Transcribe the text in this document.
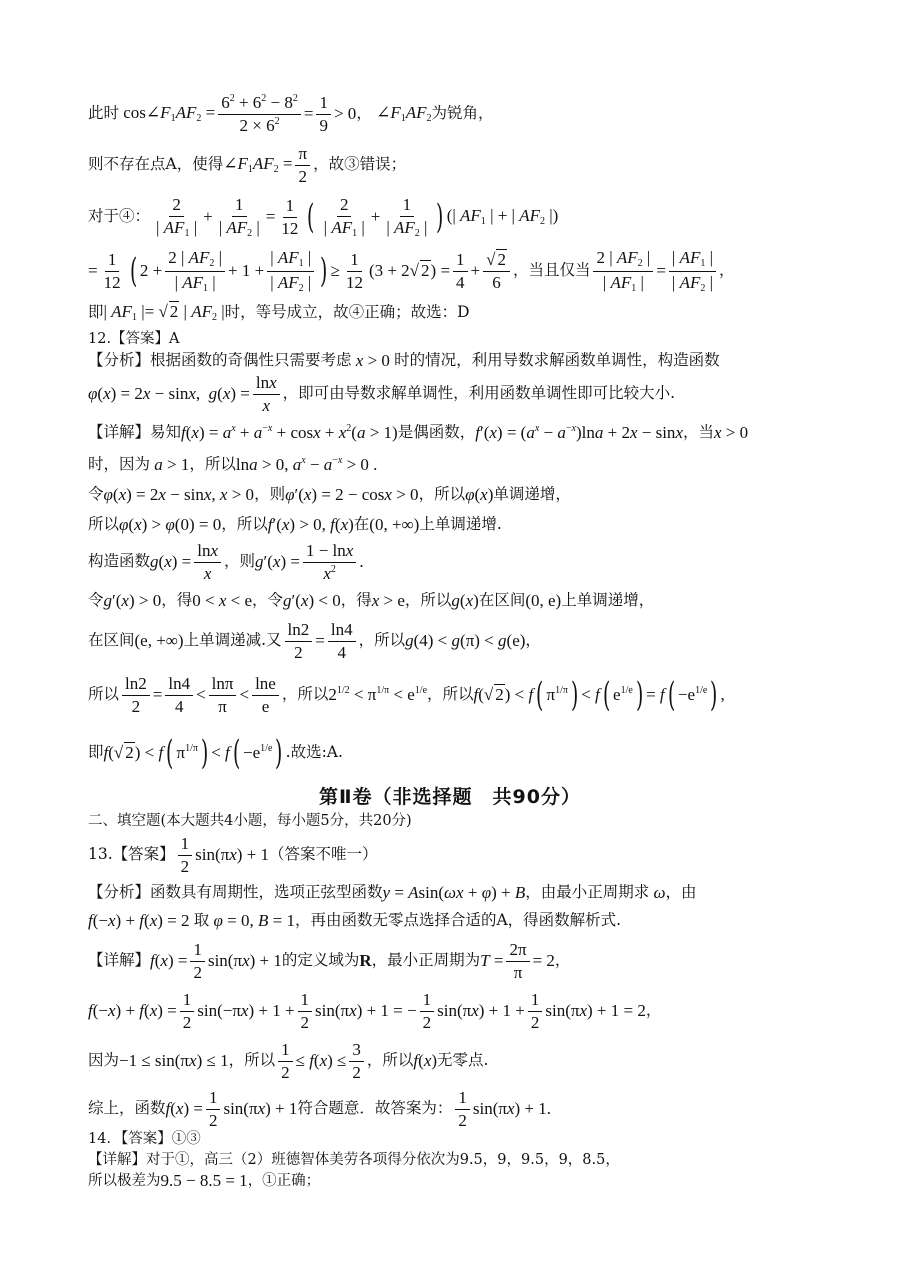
此时 $\cos\angle F_1AF_2 = \frac{6^2 + 6^2 - 8^2}{2 \times 6^2} = \frac{1}{9} > 0$ ， $\angle F_1AF_2$ 为锐角，
则不存在点A，使得 $\angle F_1AF_2 = \frac{\pi}{2}$ ，故③错误；
对于④： $\frac{2}{| AF_1 |} + \frac{1}{| AF_2 |} = \frac{1}{12}$ ( $\frac{2}{| AF_1 |} + \frac{1}{| AF_2 |}$ ) (| $AF_1$ | + | $AF_2$ |)
= $\frac{1}{12}$ ( $2 + \frac{2 | AF_2 |}{| AF_1 |} + 1 + \frac{| AF_1 |}{| AF_2 |}$ ) ≥ $\frac{1}{12} (3 + 2√$ $2) = \frac{1}{4} + \frac{√ 2}{6}$ ，当且仅当 $\frac{2 | AF_2 |}{| AF_1 |} = \frac{| AF_1 |}{| AF_2 |}$ ，
即 | $AF_1$ |= √ 2 | $AF_2$ | 时，等号成立，故④正确；故选：D
12.【答案】A
【分析】根据函数的奇偶性只需要考虑 x > 0 时的情况，利用导数求解函数单调性，构造函数
φ(x) = 2x − sinx,  $g(x) = \frac{\ln x}{x}$ ，即可由导数求解单调性，利用函数单调性即可比较大小.
【详解】易知 $f(x) = a^x + a^{-x} + \cos x + x^2(a > 1)$ 是偶函数， $f'(x) = (a^x - a^{-x})\ln a + 2x - \sin x$ ，当 x > 0
时，因为 a > 1 ，所以 lna > 0, $a^x - a^{-x} > 0$ .
令 φ(x) = 2x − sinx, x > 0 ，则 φ′(x) = 2 − cosx > 0 ，所以 φ(x) 单调递增，
所以 φ(x) > φ(0) = 0 ，所以 f′(x) > 0, f(x) 在 (0, +∞) 上单调递增.
构造函数 $g(x) = \frac{\ln x}{x}$ ，则 $g'(x) = \frac{1 - \ln x}{x^2}$ .
令 g′(x) > 0 ，得 0 < x < e ，令 g′(x) < 0 ，得 x > e ，所以 g(x) 在区间 (0, e) 上单调递增，
在区间 (e, +∞) 上单调递减.又 $\frac{\ln 2}{2} = \frac{\ln 4}{4}$ ，所以 g(4) < g(π) < g(e) ，
所以 $\frac{\ln 2}{2} = \frac{\ln 4}{4} < \frac{\ln\pi}{\pi} < \frac{\ln e}{e}$ ，所以 $2^{1/2} < \pi^{1/\pi} < e^{1/e}$ ，所以 f(√ 2) < f ( $\pi^{1/\pi}$ ) < f ( $e^{1/e}$ ) = f ( $-e^{1/e}$ ) ,
即 f(√ 2) < f ( $\pi^{1/\pi}$ ) < f ( $-e^{1/e}$ ) .故选:A.
第Ⅱ卷（非选择题　共90分）
二、填空题(本大题共4小题，每小题5分，共20分)
13.【答案】 $\frac{1}{2} \sin(\pi x) + 1$ （答案不唯一）
【分析】函数具有周期性，选项正弦型函数 y = Asin(ωx + φ) + B ，由最小正周期求 ω ，由
f(−x) + f(x) = 2 取 φ = 0, B = 1 ，再由函数无零点选择合适的A，得函数解析式.
【详解】 $f(x) = \frac{1}{2} \sin(\pi x) + 1$ 的定义域为 R ，最小正周期为 $T = \frac{2\pi}{\pi} = 2$ ，
$f(-x) + f(x) = \frac{1}{2} \sin(-\pi x) + 1 + \frac{1}{2} \sin(\pi x) + 1$ = − $\frac{1}{2} \sin(\pi x) + 1 + \frac{1}{2} \sin(\pi x) + 1 = 2$ ，
因为 −1 ≤ sin(πx) ≤ 1 ，所以 $\frac{1}{2} \le f(x) \le \frac{3}{2}$ ，所以 f(x) 无零点.
综上，函数 $f(x) = \frac{1}{2} \sin(\pi x) + 1$ 符合题意．故答案为： $\frac{1}{2} \sin(\pi x) + 1$.
14．【答案】①③
【详解】对于①，高三（2）班德智体美劳各项得分依次为9.5，9，9.5，9，8.5，
所以极差为 9.5 − 8.5 = 1 ，①正确；
